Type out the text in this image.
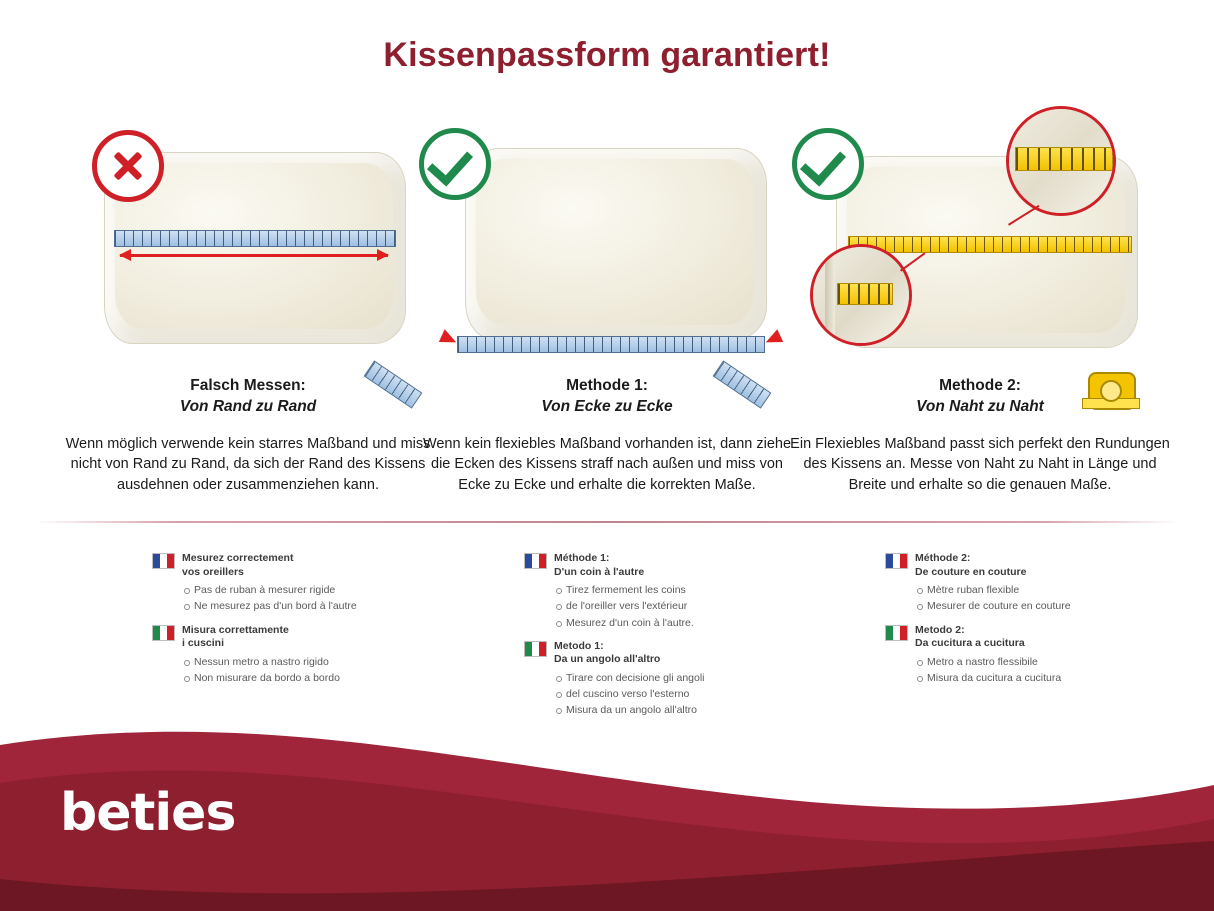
Kissenpassform garantiert!
Falsch Messen:
Von Rand zu Rand
Wenn möglich verwende kein starres Maßband und miss nicht von Rand zu Rand, da sich der Rand des Kissens ausdehnen oder zusammenziehen kann.
Methode 1:
Von Ecke zu Ecke
Wenn kein flexiebles Maßband vorhanden ist, dann ziehe die Ecken des Kissens straff nach außen und miss von Ecke zu Ecke und erhalte die korrekten Maße.
Methode 2:
Von Naht zu Naht
Ein Flexiebles Maßband passt sich perfekt den Rundungen des Kissens an. Messe von Naht zu Naht in Länge und Breite und erhalte so die genauen Maße.
Mesurez correctement
vos oreillers
Pas de ruban à mesurer rigide
Ne mesurez pas d'un bord à l'autre
Misura correttamente
i cuscini
Nessun metro a nastro rigido
Non misurare da bordo a bordo
Méthode 1:
D'un coin à l'autre
Tirez fermement les coins
de l'oreiller vers l'extérieur
Mesurez d'un coin à l'autre.
Metodo 1:
Da un angolo all'altro
Tirare con decisione gli angoli
del cuscino verso l'esterno
Misura da un angolo all'altro
Méthode 2:
De couture en couture
Mètre ruban flexible
Mesurer de couture en couture
Metodo 2:
Da cucitura a cucitura
Metro a nastro flessibile
Misura da cucitura a cucitura
beties
